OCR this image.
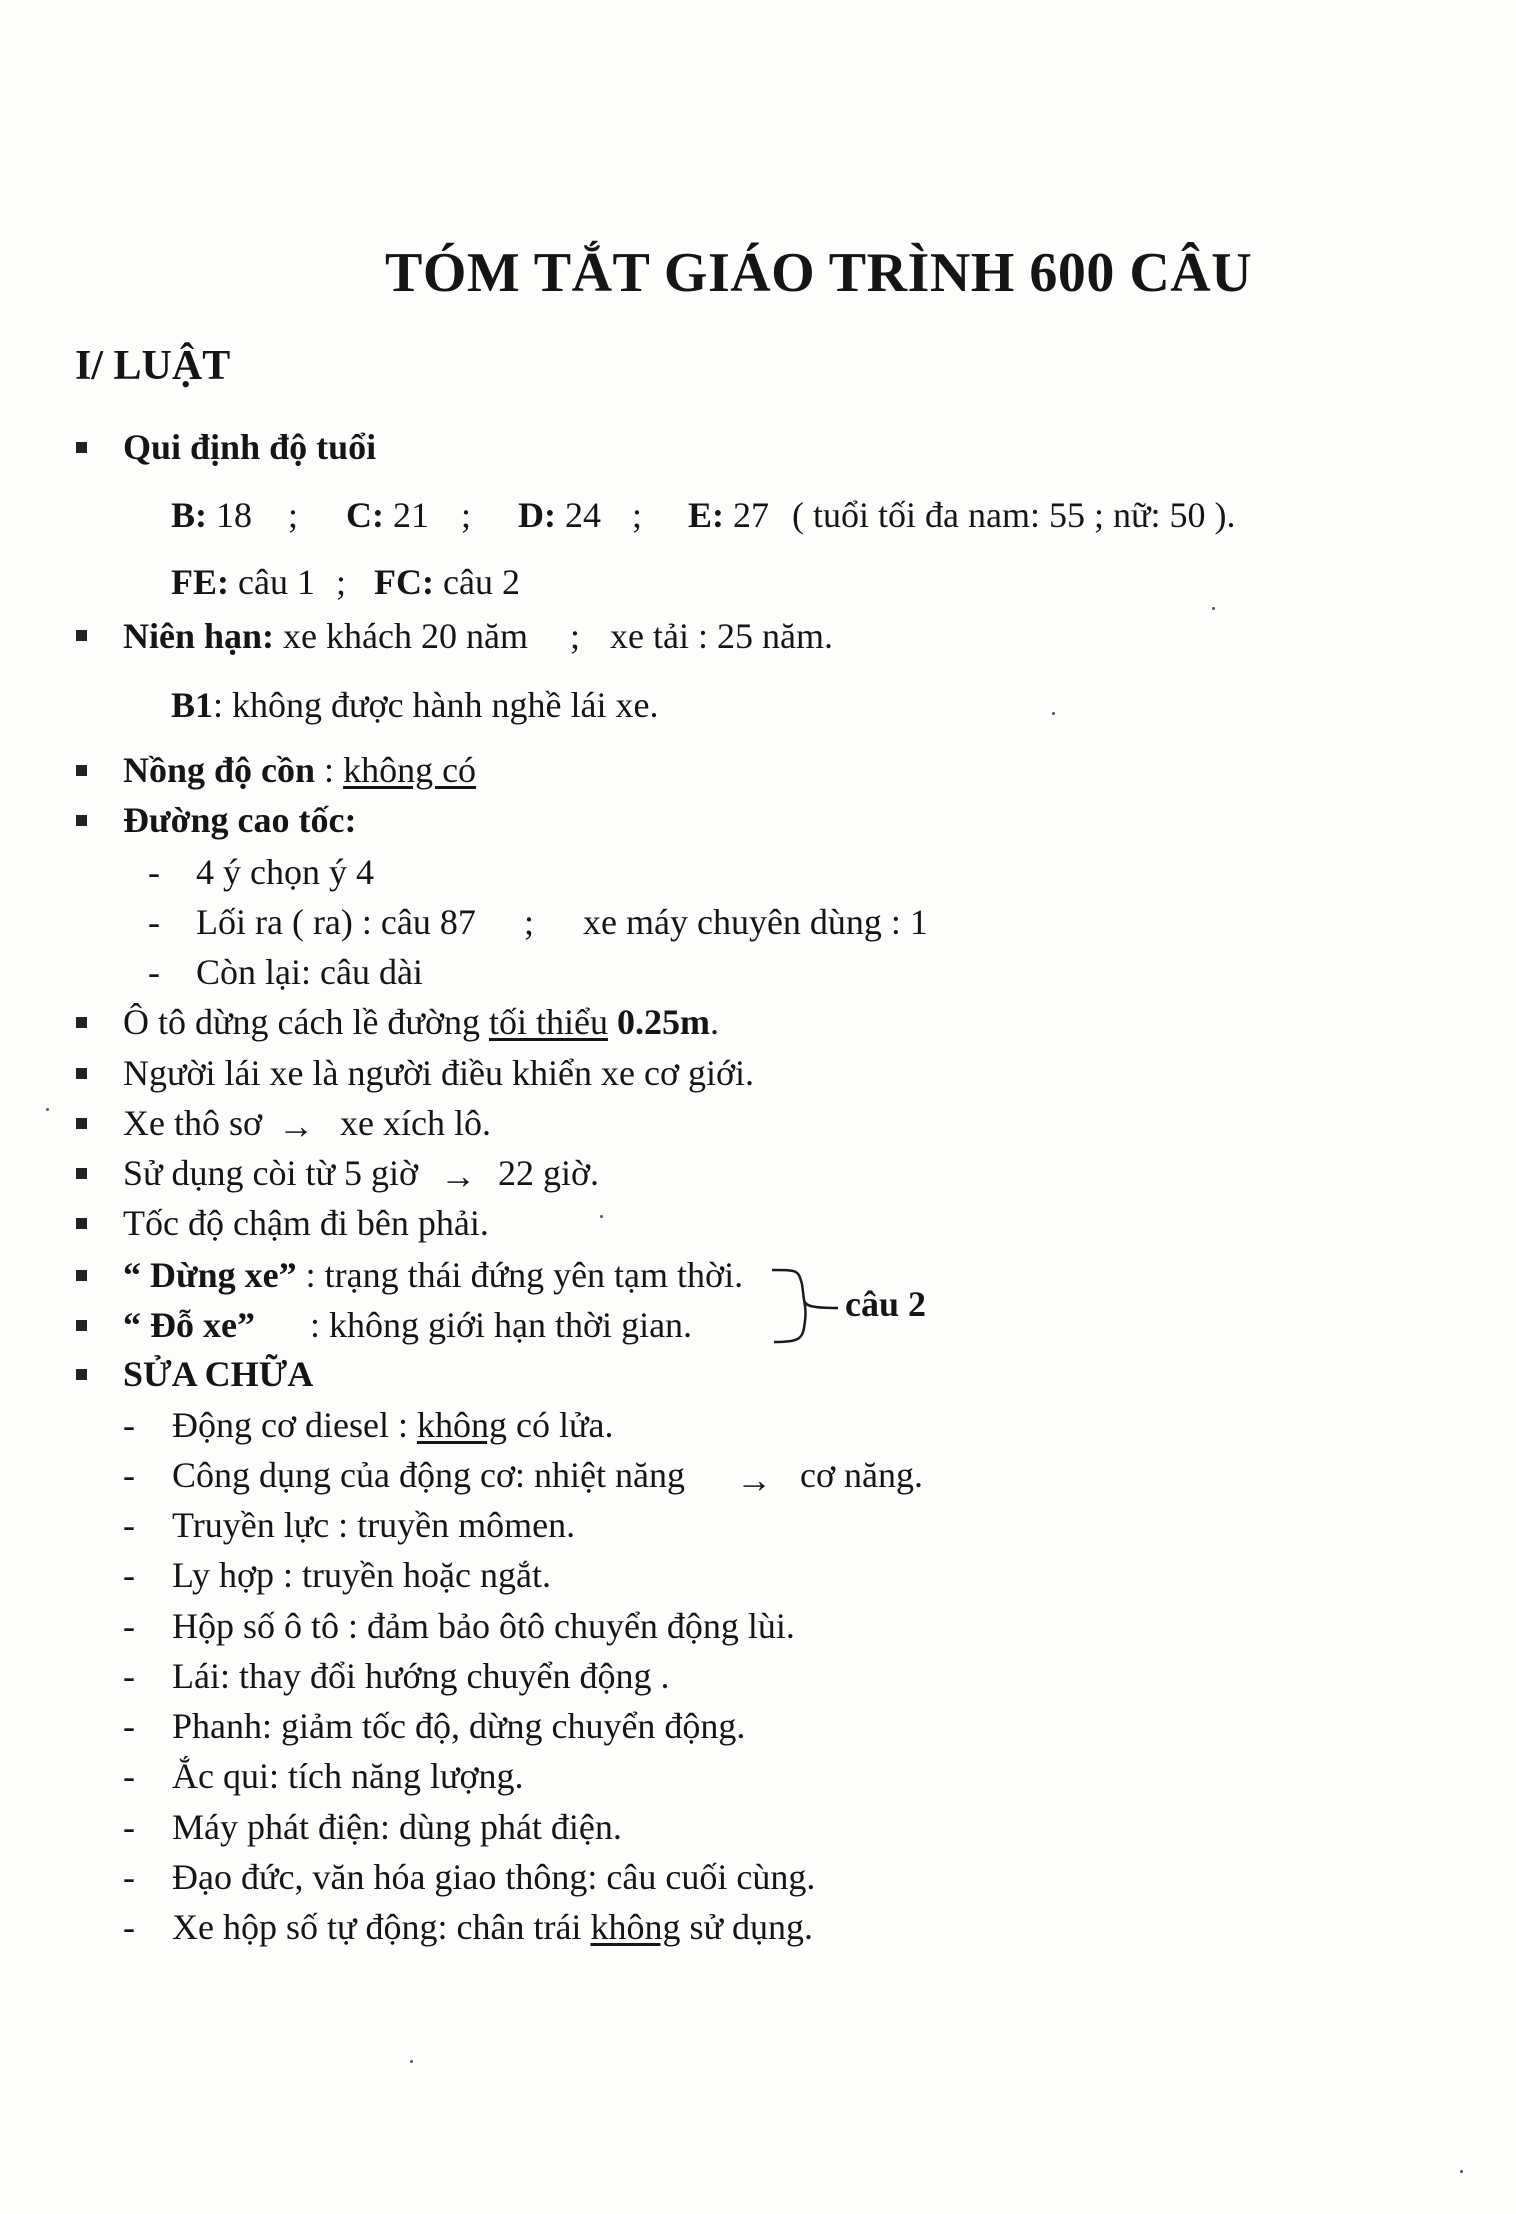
TÓM TẮT GIÁO TRÌNH 600 CÂU
I/ LUẬT
Qui định độ tuổi
B: 18 ; C: 21 ; D: 24 ; E: 27 ( tuổi tối đa nam: 55 ; nữ: 50 ).
FE: câu 1 ; FC: câu 2
Niên hạn: xe khách 20 năm ; xe tải : 25 năm.
B1: không được hành nghề lái xe.
Nồng độ cồn : không có
Đường cao tốc:
- 4 ý chọn ý 4
- Lối ra ( ra) : câu 87 ; xe máy chuyên dùng : 1
- Còn lại: câu dài
Ô tô dừng cách lề đường tối thiểu 0.25m.
Người lái xe là người điều khiển xe cơ giới.
Xe thô sơ → xe xích lô.
Sử dụng còi từ 5 giờ → 22 giờ.
Tốc độ chậm đi bên phải.
“ Dừng xe” : trạng thái đứng yên tạm thời.
“ Đỗ xe” : không giới hạn thời gian.
câu 2
SỬA CHỮA
- Động cơ diesel : không có lửa.
- Công dụng của động cơ: nhiệt năng → cơ năng.
- Truyền lực : truyền mômen.
- Ly hợp : truyền hoặc ngắt.
- Hộp số ô tô : đảm bảo ôtô chuyển động lùi.
- Lái: thay đổi hướng chuyển động .
- Phanh: giảm tốc độ, dừng chuyển động.
- Ắc qui: tích năng lượng.
- Máy phát điện: dùng phát điện.
- Đạo đức, văn hóa giao thông: câu cuối cùng.
- Xe hộp số tự động: chân trái không sử dụng.
